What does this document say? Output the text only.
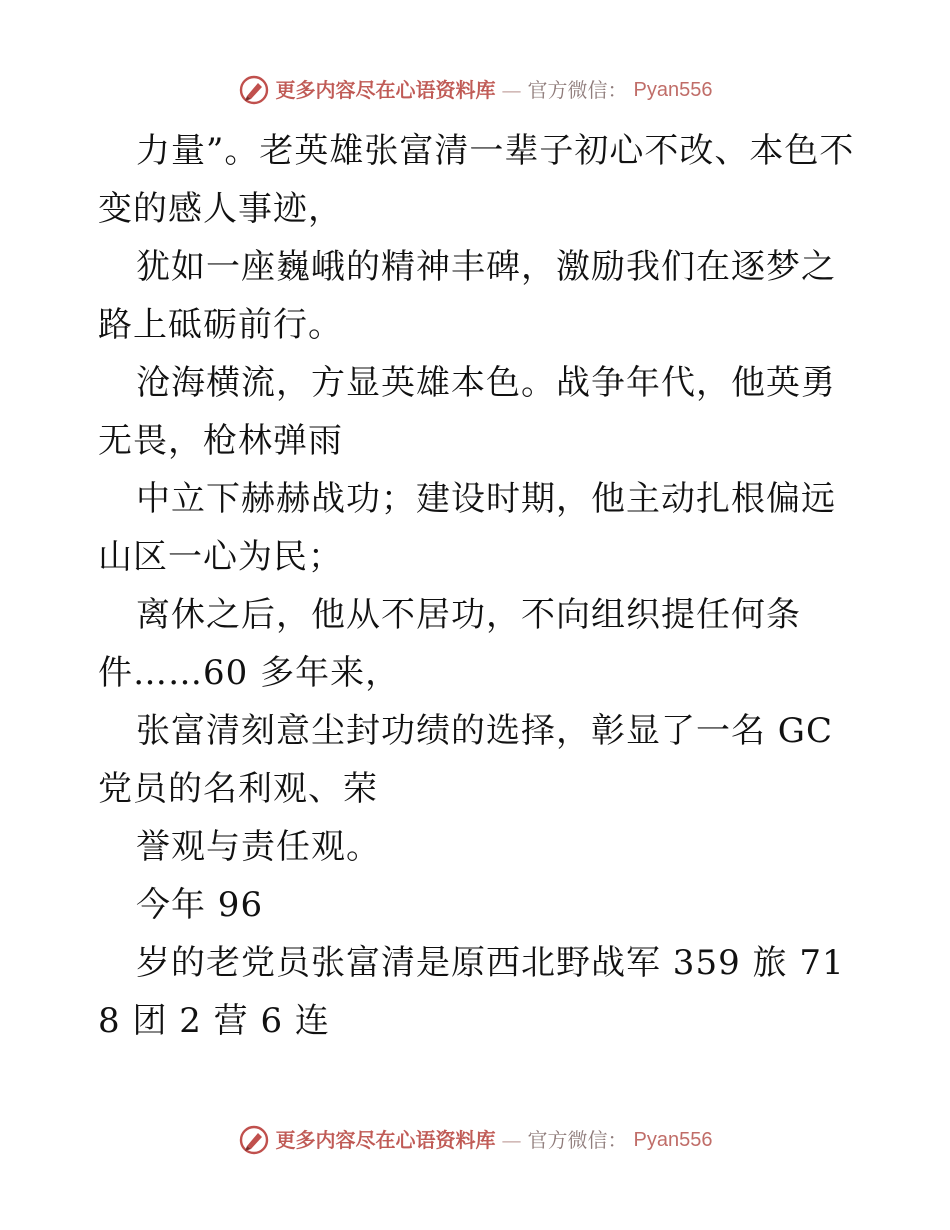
更多内容尽在心语资料库 — 官方微信： Pyan556

力量”。老英雄张富清一辈子初心不改、本色不变的感人事迹，

犹如一座巍峨的精神丰碑，激励我们在逐梦之路上砥砺前行。

沧海横流，方显英雄本色。战争年代，他英勇无畏，枪林弹雨

中立下赫赫战功；建设时期，他主动扎根偏远山区一心为民；

离休之后，他从不居功，不向组织提任何条件……60 多年来，

张富清刻意尘封功绩的选择，彰显了一名 GC 党员的名利观、荣

誉观与责任观。

今年 96

岁的老党员张富清是原西北野战军 359 旅 718 团 2 营 6 连

更多内容尽在心语资料库 — 官方微信： Pyan556
